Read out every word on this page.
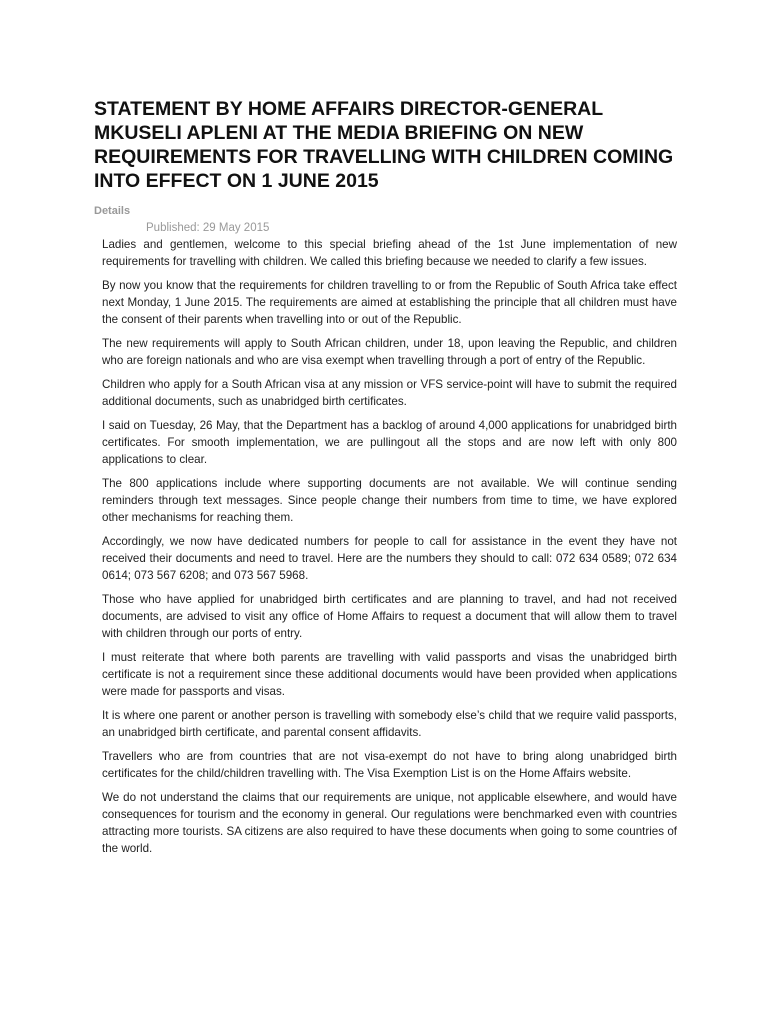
STATEMENT BY HOME AFFAIRS DIRECTOR-GENERAL MKUSELI APLENI AT THE MEDIA BRIEFING ON NEW REQUIREMENTS FOR TRAVELLING WITH CHILDREN COMING INTO EFFECT ON 1 JUNE 2015
Details
Published: 29 May 2015

Ladies and gentlemen, welcome to this special briefing ahead of the 1st June implementation of new requirements for travelling with children. We called this briefing because we needed to clarify a few issues.

By now you know that the requirements for children travelling to or from the Republic of South Africa take effect next Monday, 1 June 2015. The requirements are aimed at establishing the principle that all children must have the consent of their parents when travelling into or out of the Republic.

The new requirements will apply to South African children, under 18, upon leaving the Republic, and children who are foreign nationals and who are visa exempt when travelling through a port of entry of the Republic.

Children who apply for a South African visa at any mission or VFS service-point will have to submit the required additional documents, such as unabridged birth certificates.

I said on Tuesday, 26 May, that the Department has a backlog of around 4,000 applications for unabridged birth certificates. For smooth implementation, we are pullingout all the stops and are now left with only 800 applications to clear.

The 800 applications include where supporting documents are not available. We will continue sending reminders through text messages. Since people change their numbers from time to time, we have explored other mechanisms for reaching them.

Accordingly, we now have dedicated numbers for people to call for assistance in the event they have not received their documents and need to travel. Here are the numbers they should to call: 072 634 0589; 072 634 0614; 073 567 6208; and 073 567 5968.

Those who have applied for unabridged birth certificates and are planning to travel, and had not received documents, are advised to visit any office of Home Affairs to request a document that will allow them to travel with children through our ports of entry.

I must reiterate that where both parents are travelling with valid passports and visas the unabridged birth certificate is not a requirement since these additional documents would have been provided when applications were made for passports and visas.

It is where one parent or another person is travelling with somebody else’s child that we require valid passports, an unabridged birth certificate, and parental consent affidavits.

Travellers who are from countries that are not visa-exempt do not have to bring along unabridged birth certificates for the child/children travelling with. The Visa Exemption List is on the Home Affairs website.

We do not understand the claims that our requirements are unique, not applicable elsewhere, and would have consequences for tourism and the economy in general. Our regulations were benchmarked even with countries attracting more tourists. SA citizens are also required to have these documents when going to some countries of the world.
